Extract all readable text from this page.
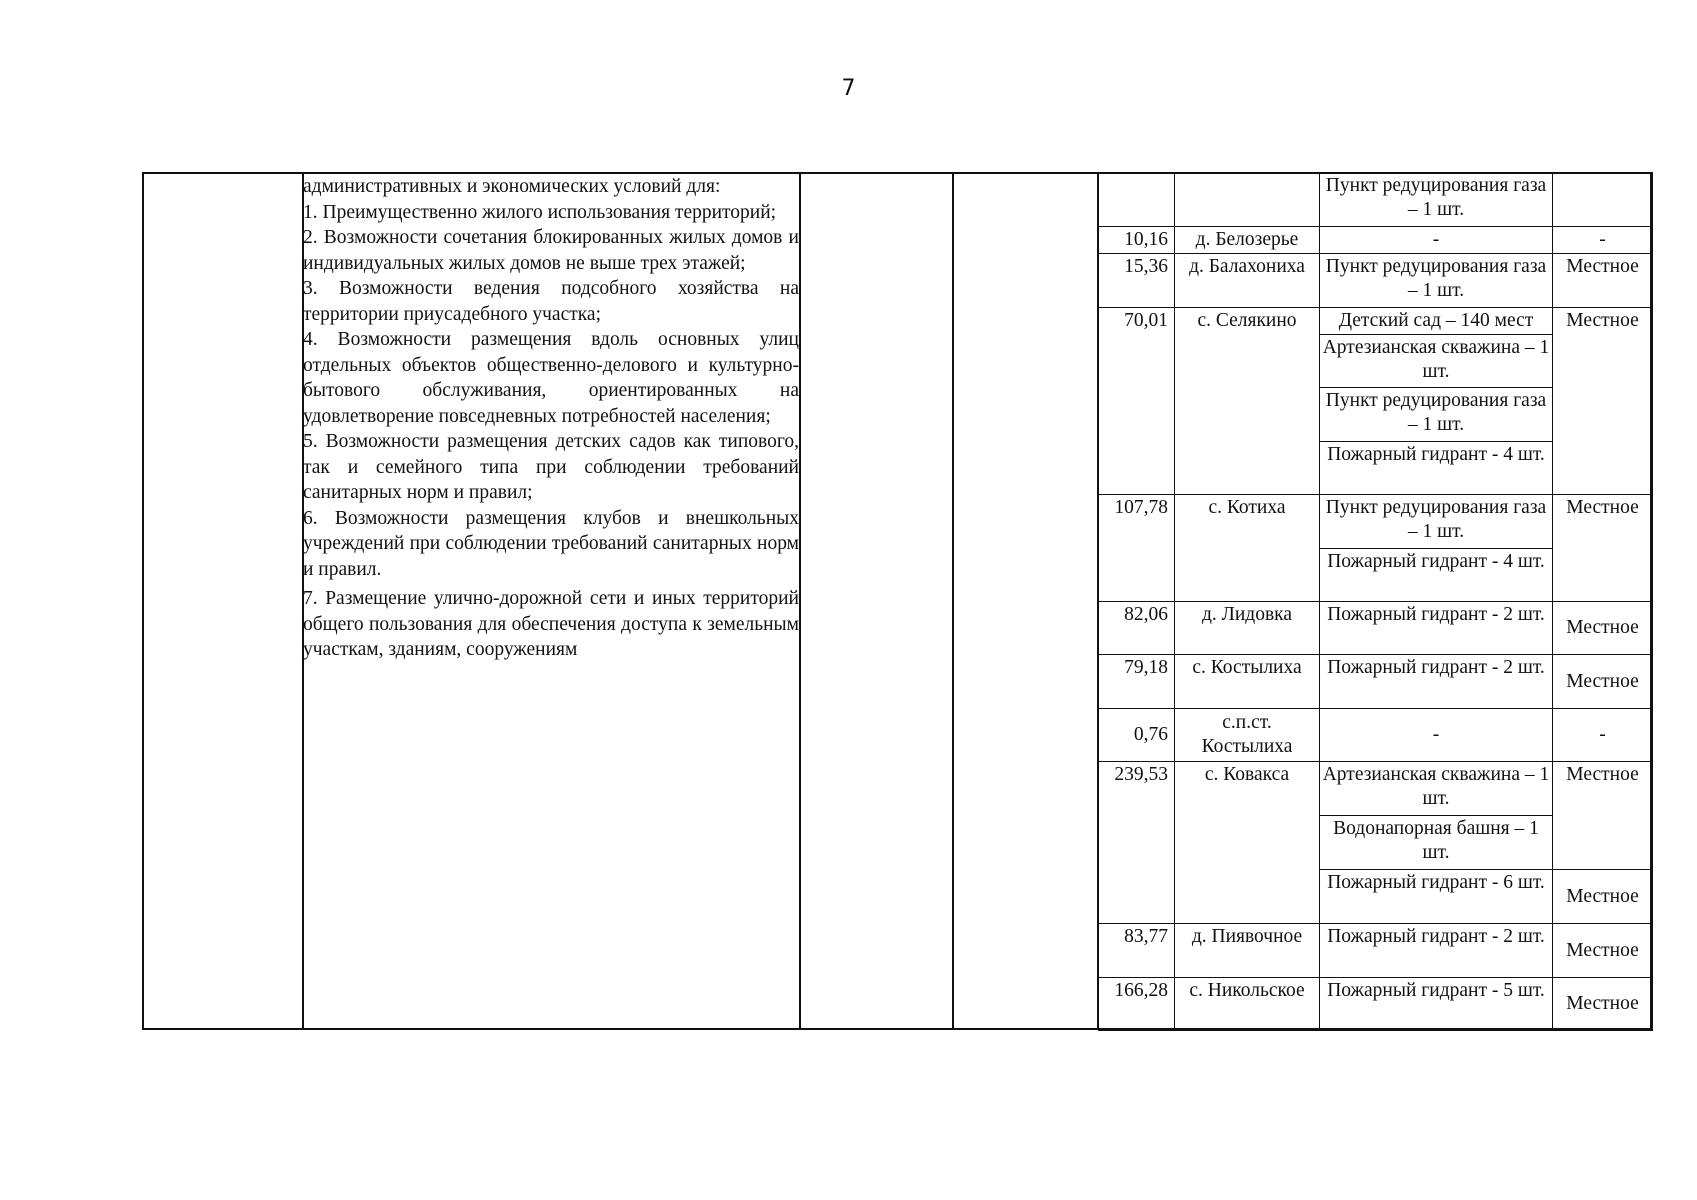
7

административных и экономических условий для:

1. Преимущественно жилого использования территорий;

2. Возможности сочетания блокированных жилых домов и индивидуальных жилых домов не выше трех этажей;

3. Возможности ведения подсобного хозяйства на территории приусадебного участка;

4. Возможности размещения вдоль основных улиц отдельных объектов общественно-делового и культурно-бытового обслуживания, ориентированных на удовлетворение повседневных потребностей населения;

5. Возможности размещения детских садов как типового, так и семейного типа при соблюдении требований санитарных норм и правил;

6. Возможности размещения клубов и внешкольных учреждений при соблюдении требований санитарных норм и правил.

7. Размещение улично-дорожной сети и иных территорий общего пользования для обеспечения доступа к земельным участкам, зданиям, сооружениям

		Пункт редуцирования газа – 1 шт.	
10,16	д. Белозерье	-	-
15,36	д. Балахониха	Пункт редуцирования газа – 1 шт.	Местное
70,01	с. Селякино	Детский сад – 140 мест	Местное
		Артезианская скважина – 1 шт.	
		Пункт редуцирования газа – 1 шт.	
		Пожарный гидрант - 4 шт.	
107,78	с. Котиха	Пункт редуцирования газа – 1 шт.	Местное
		Пожарный гидрант - 4 шт.	
82,06	д. Лидовка	Пожарный гидрант - 2 шт.	Местное
79,18	с. Костылиха	Пожарный гидрант - 2 шт.	Местное
0,76	с.п.ст. Костылиха	-	-
239,53	с. Ковакса	Артезианская скважина – 1 шт.	Местное
		Водонапорная башня – 1 шт.	
		Пожарный гидрант - 6 шт.	Местное
83,77	д. Пиявочное	Пожарный гидрант - 2 шт.	Местное
166,28	с. Никольское	Пожарный гидрант - 5 шт.	Местное
